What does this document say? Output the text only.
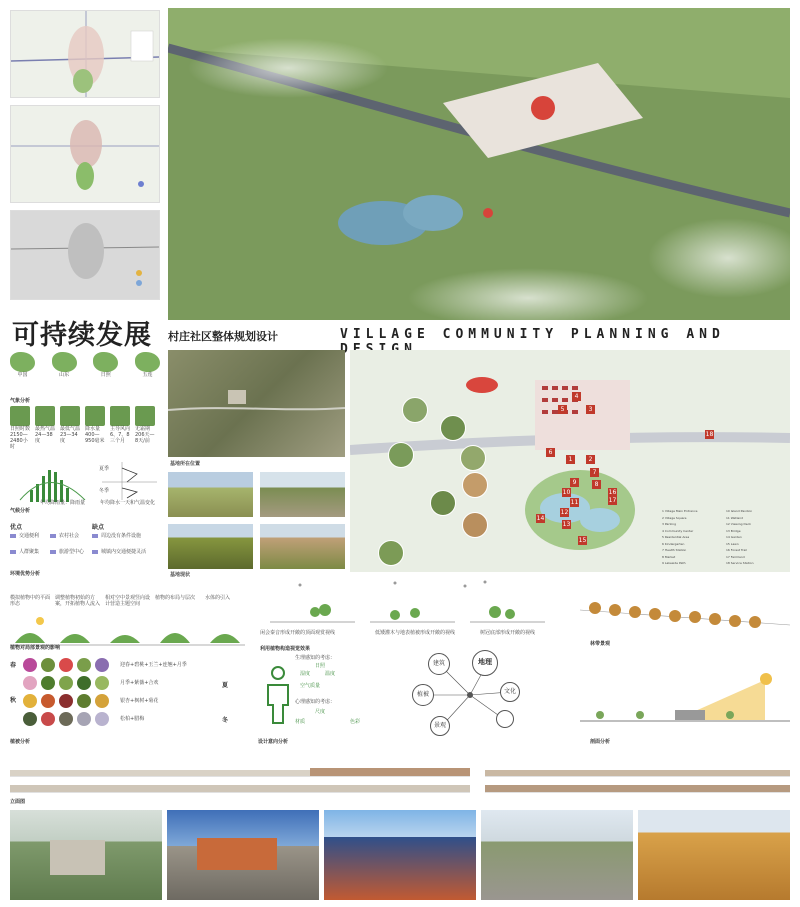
可持续发展 村庄社区整体规划设计	VILLAGE COMMUNITY PLANNING AND
中国	山东	日照	五莲
气象分析
日照时数2150—2480小时
最热气温24—38度
最低气温23—34度
降水量400—950毫米
主导风向6、7、8三个月
无霜期206天—8天/前
夏季
冬季
年均降雨量：降雨量	年均降水一天和气温变化
气候分析
优点	缺点
交通便利	农村社会
人群聚集	旅游型中心
周边没有条件设施
城镇内交通便捷灵活
环境优势分析
基地所在位置
基地现状
1	2
3
4
5
6
7
8
9
10
11
12
13
14
15
16
17
18
1 Village Main Entrance	10 Island Pavilion
2 Village Square	11 Wetland
3 Parking	12 Viewing Deck
4 Community Center	13 Bridge
5 Residential Area	14 Garden
6 Kindergarten	15 Lawn
7 Health Station	16 Forest Trail
8 Market	17 Farmland
9 Lakeside Path	18 Service Station
模拟植物中的平面形态
调整植物初始的方案，开拓植物人流入
相对空中景观竖向设计营造主题空间
植物的布局与层次	水体的引入
植物对局部景观的影响
闲会秦音形成开敞的顶面观赏视线	低矮灌木与地表植被形成开敞的视线	树冠底部形成开敞的视线
利用植物构造视觉效果
林带景观
春
秋
夏
冬
迎春+碧桃+玉兰+连翘+月季
月季+紫薇+合欢
银杏+枫树+菊花
松柏+腊梅
植被分析
生理感知的考虑：
日照
湿度	温度
空气质量
心理感知的考虑：
尺度
材质	色彩
设计意向分析
建筑	地理
植被	文化
景观
剖面分析
立面图
